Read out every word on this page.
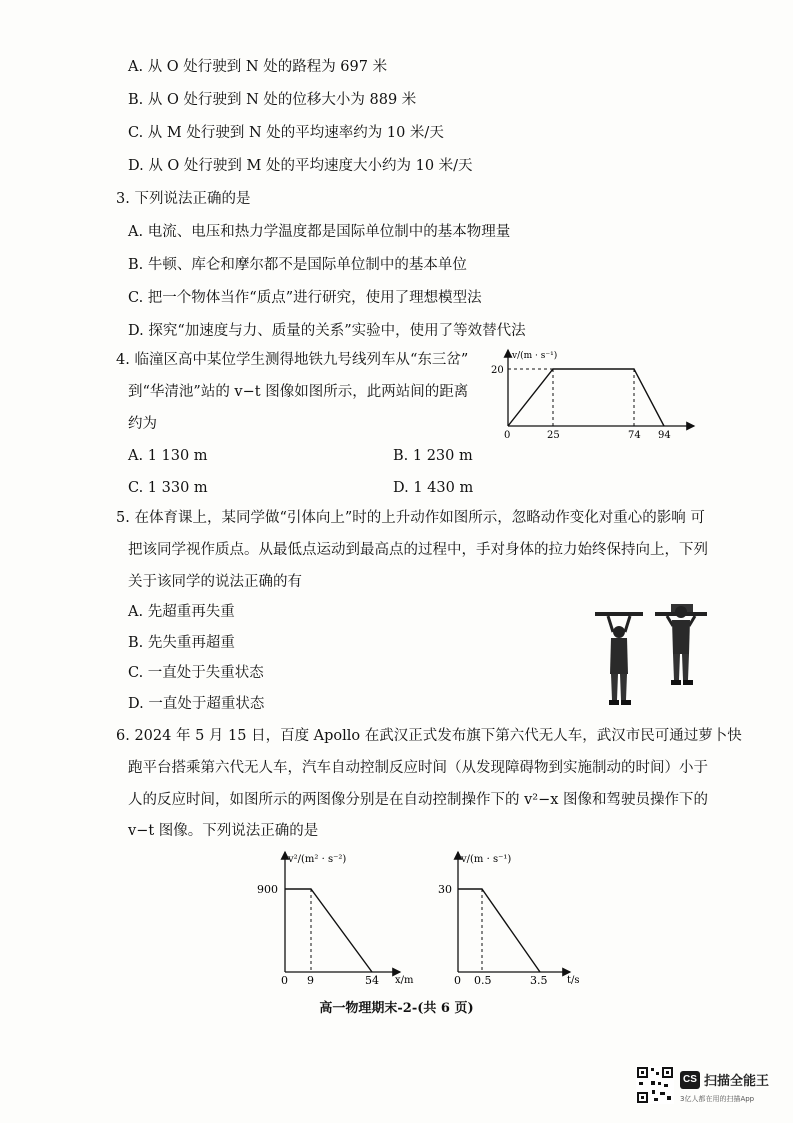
A. 从 O 处行驶到 N 处的路程为 697 米
B. 从 O 处行驶到 N 处的位移大小为 889 米
C. 从 M 处行驶到 N 处的平均速率约为 10 米/天
D. 从 O 处行驶到 M 处的平均速度大小约为 10 米/天
3. 下列说法正确的是
A. 电流、电压和热力学温度都是国际单位制中的基本物理量
B. 牛顿、库仑和摩尔都不是国际单位制中的基本单位
C. 把一个物体当作“质点”进行研究，使用了理想模型法
D. 探究“加速度与力、质量的关系”实验中，使用了等效替代法
4. 临潼区高中某位学生测得地铁九号线列车从“东三岔”
到“华清池”站的 v−t 图像如图所示，此两站间的距离
约为
A. 1 130 m	B. 1 230 m
C. 1 330 m	D. 1 430 m
v/(m · s⁻¹)
20
0	25	74 94
5. 在体育课上，某同学做“引体向上”时的上升动作如图所示，忽略动作变化对重心的影响 可
把该同学视作质点。从最低点运动到最高点的过程中，手对身体的拉力始终保持向上，下列
关于该同学的说法正确的有
A. 先超重再失重
B. 先失重再超重
C. 一直处于失重状态
D. 一直处于超重状态
6. 2024 年 5 月 15 日，百度 Apollo 在武汉正式发布旗下第六代无人车，武汉市民可通过萝卜快
跑平台搭乘第六代无人车，汽车自动控制反应时间（从发现障碍物到实施制动的时间）小于
人的反应时间，如图所示的两图像分别是在自动控制操作下的 v²−x 图像和驾驶员操作下的
v−t 图像。下列说法正确的是
v²/(m² · s⁻²)
900
0 9	54 x/m
v/(m · s⁻¹)
30
0 0.5	3.5 t/s
高一物理期末-2-(共 6 页)
CS 扫描全能王
3亿人都在用的扫描App
